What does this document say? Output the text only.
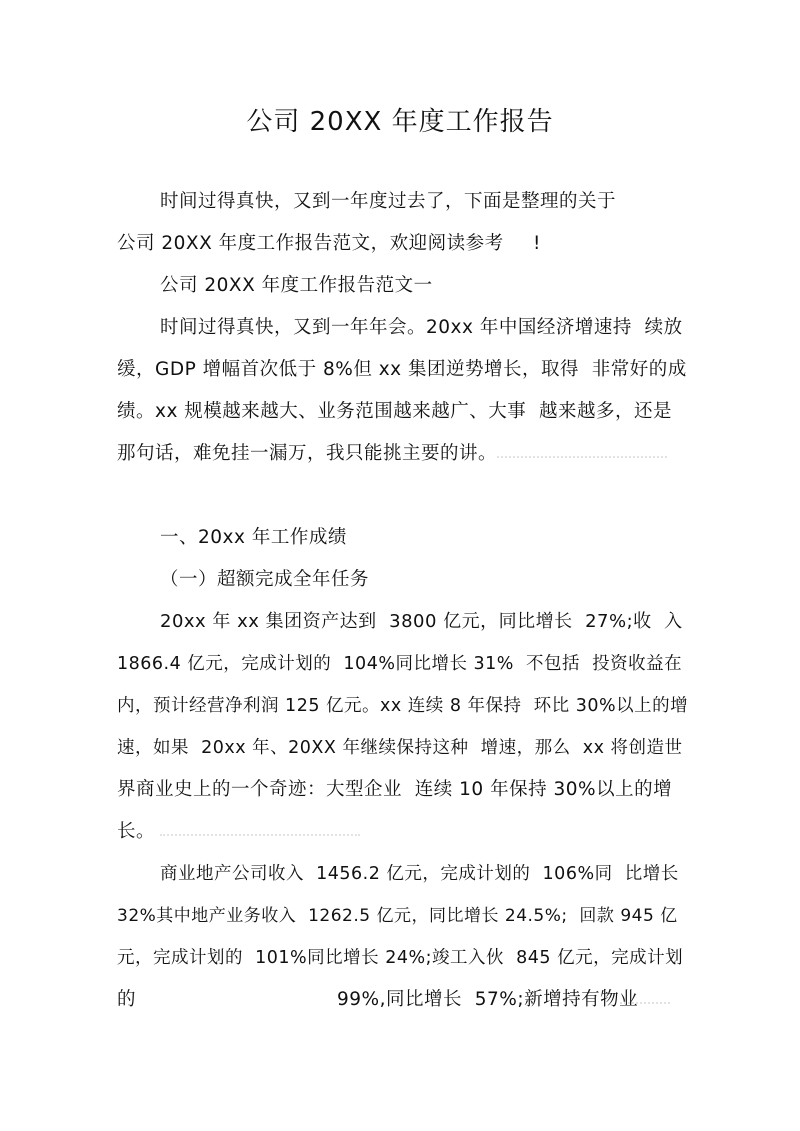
公司 20XX 年度工作报告
时间过得真快，又到一年度过去了，下面是整理的关于
公司 20XX 年度工作报告范文，欢迎阅读参考 !
公司 20XX 年度工作报告范文一
时间过得真快，又到一年年会。20xx 年中国经济增速持  续放
缓，GDP 增幅首次低于 8%但 xx 集团逆势增长，取得  非常好的成
绩。xx 规模越来越大、业务范围越来越广、大事  越来越多，还是
那句话，难免挂一漏万，我只能挑主要的讲。
一、20xx 年工作成绩
（一）超额完成全年任务
20xx 年 xx 集团资产达到  3800 亿元，同比增长  27%;收  入
1866.4 亿元，完成计划的  104%同比增长 31%  不包括  投资收益在
内，预计经营净利润 125 亿元。xx 连续 8 年保持  环比 30%以上的增
速，如果  20xx 年、20XX 年继续保持这种  增速，那么  xx 将创造世
界商业史上的一个奇迹：大型企业  连续 10 年保持 30%以上的增
长。
商业地产公司收入  1456.2 亿元，完成计划的  106%同  比增长
32%其中地产业务收入  1262.5 亿元，同比增长 24.5%;  回款 945 亿
元，完成计划的  101%同比增长 24%;竣工入伙  845 亿元，完成计划
的	99%,同比增长  57%;新增持有物业
